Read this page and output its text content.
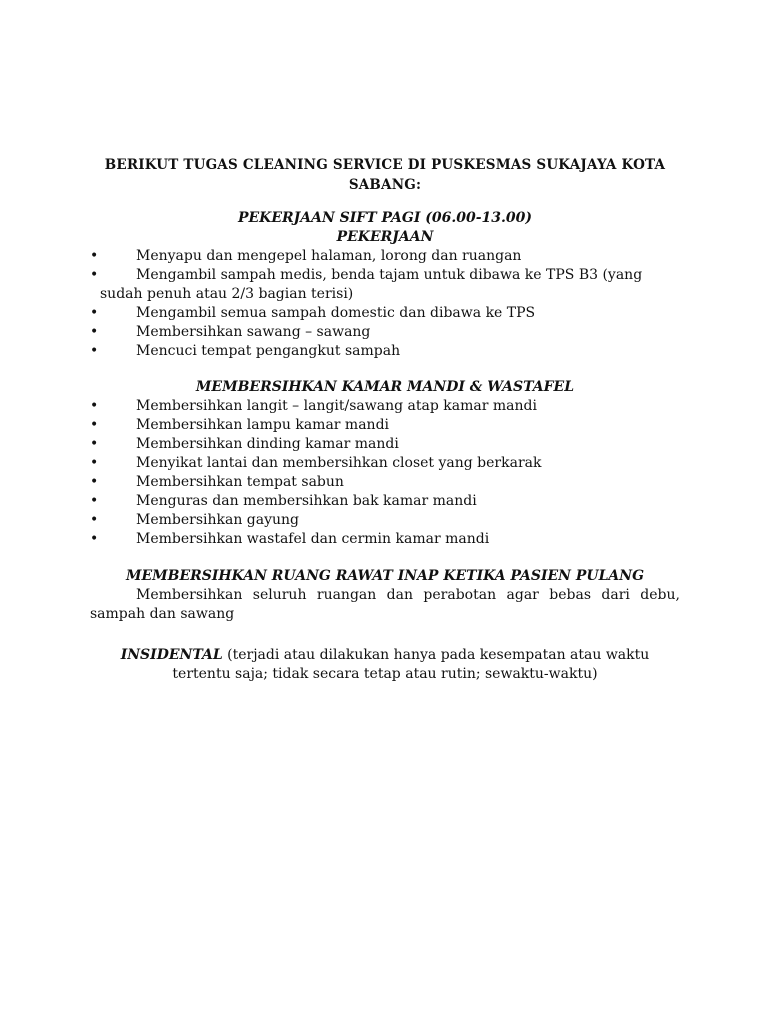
BERIKUT TUGAS CLEANING SERVICE DI PUSKESMAS SUKAJAYA KOTA
SABANG:
PEKERJAAN SIFT PAGI (06.00-13.00)
PEKERJAAN
•	Menyapu dan mengepel halaman, lorong dan ruangan
•	Mengambil sampah medis, benda tajam untuk dibawa ke TPS B3 (yang
sudah penuh atau 2/3 bagian terisi)
•	Mengambil semua sampah domestic dan dibawa ke TPS
•	Membersihkan sawang – sawang
•	Mencuci tempat pengangkut sampah
MEMBERSIHKAN KAMAR MANDI & WASTAFEL
•	Membersihkan langit – langit/sawang atap kamar mandi
•	Membersihkan lampu kamar mandi
•	Membersihkan dinding kamar mandi
•	Menyikat lantai dan membersihkan closet yang berkarak
•	Membersihkan tempat sabun
•	Menguras dan membersihkan bak kamar mandi
•	Membersihkan gayung
•	Membersihkan wastafel dan cermin kamar mandi
MEMBERSIHKAN RUANG RAWAT INAP KETIKA PASIEN PULANG
Membersihkan seluruh ruangan dan perabotan agar bebas dari debu, sampah dan sawang
INSIDENTAL (terjadi atau dilakukan hanya pada kesempatan atau waktu tertentu saja; tidak secara tetap atau rutin; sewaktu-waktu)
